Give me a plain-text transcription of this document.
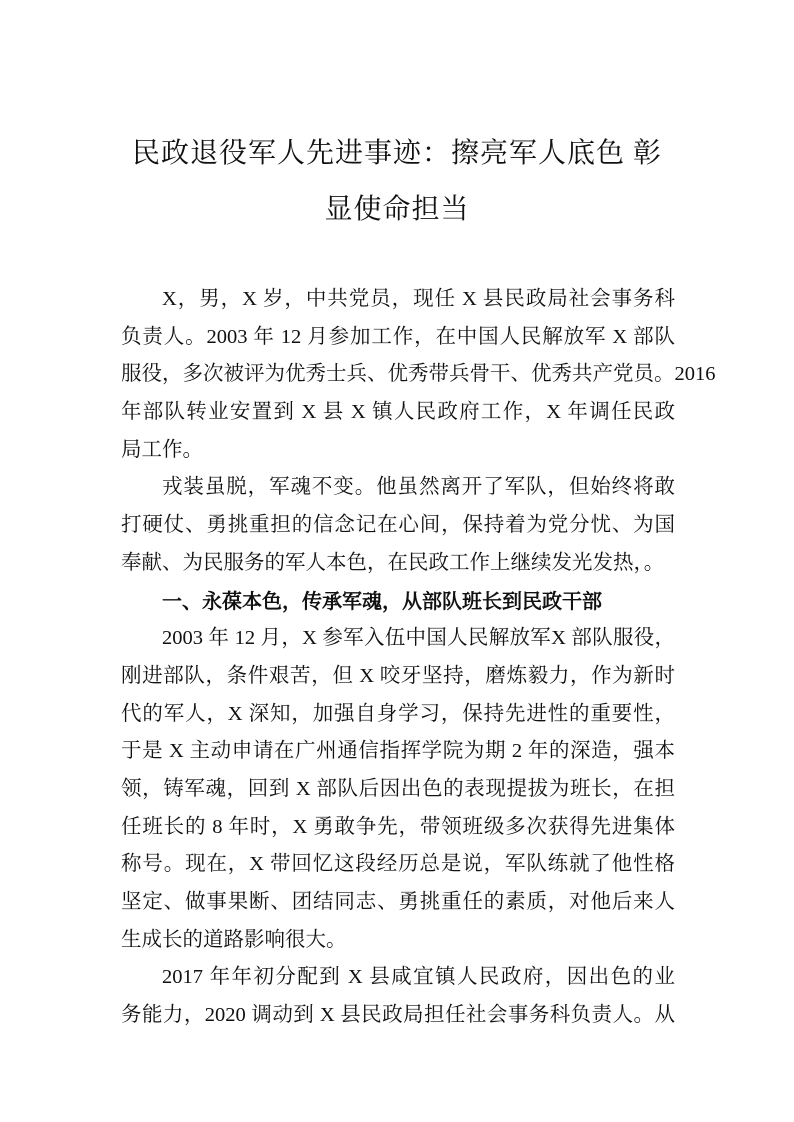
民政退役军人先进事迹：擦亮军人底色 彰
显使命担当
X，男，X 岁，中共党员，现任 X 县民政局社会事务科
负责人。2003 年 12 月参加工作，在中国人民解放军 X 部队
服役，多次被评为优秀士兵、优秀带兵骨干、优秀共产党员。2016
年部队转业安置到 X 县 X 镇人民政府工作，X 年调任民政
局工作。
戎装虽脱，军魂不变。他虽然离开了军队，但始终将敢
打硬仗、勇挑重担的信念记在心间，保持着为党分忧、为国
奉献、为民服务的军人本色，在民政工作上继续发光发热，。
一、永葆本色，传承军魂，从部队班长到民政干部
2003 年 12 月，X 参军入伍中国人民解放军X 部队服役，
刚进部队，条件艰苦，但 X 咬牙坚持，磨炼毅力，作为新时
代的军人，X 深知，加强自身学习，保持先进性的重要性，
于是 X 主动申请在广州通信指挥学院为期 2 年的深造，强本
领，铸军魂，回到 X 部队后因出色的表现提拔为班长，在担
任班长的 8 年时，X 勇敢争先，带领班级多次获得先进集体
称号。现在，X 带回忆这段经历总是说，军队练就了他性格
坚定、做事果断、团结同志、勇挑重任的素质，对他后来人
生成长的道路影响很大。
2017 年年初分配到 X 县咸宜镇人民政府，因出色的业
务能力，2020 调动到 X 县民政局担任社会事务科负责人。从
